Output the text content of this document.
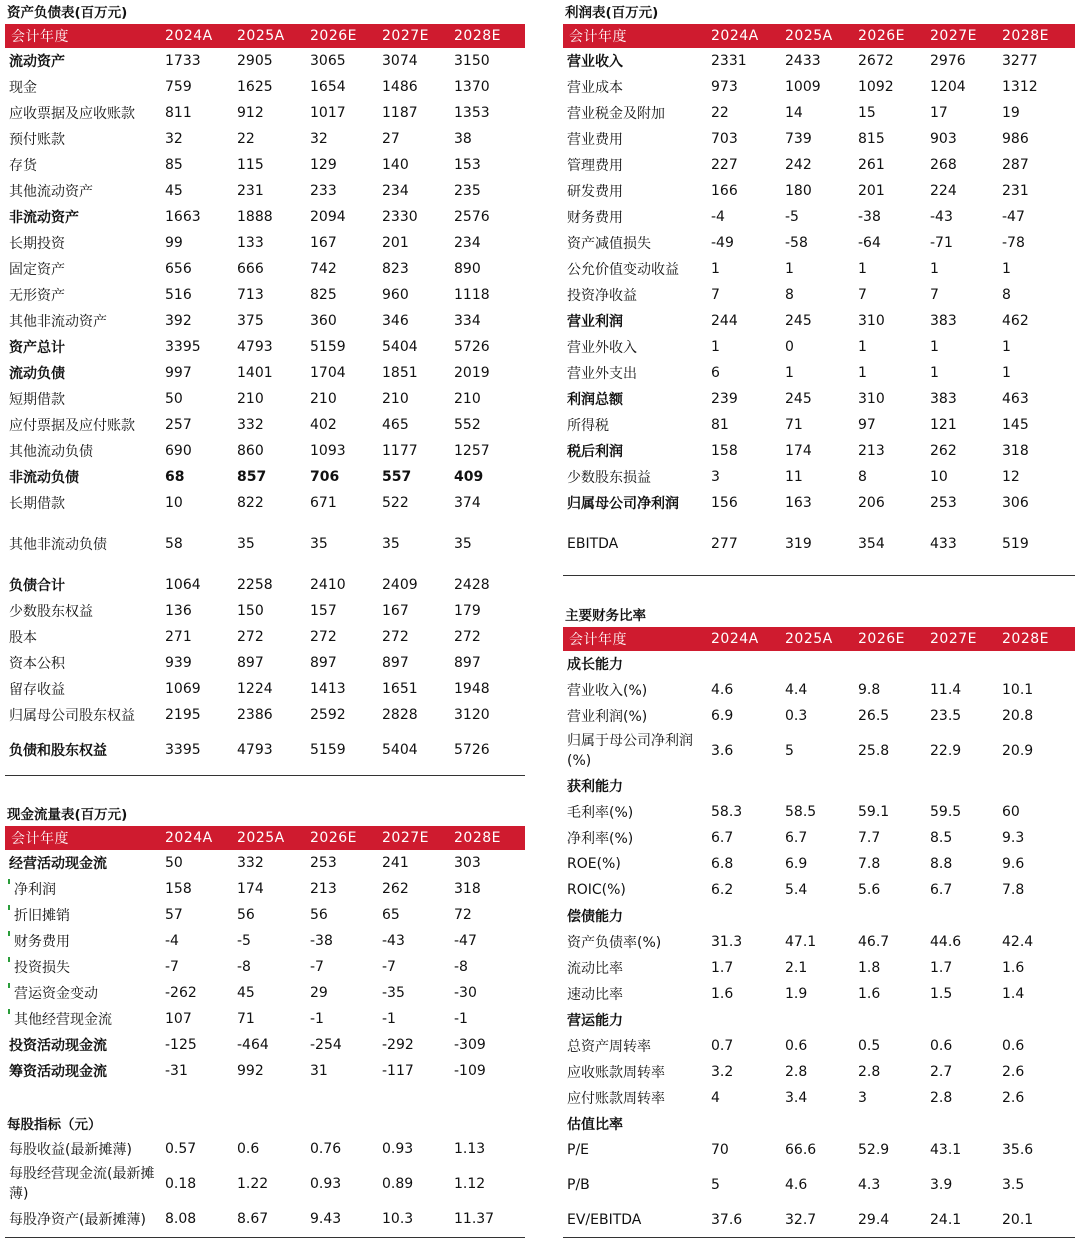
资产负债表(百万元)
会计年度	2024A	2025A	2026E	2027E	2028E
流动资产	1733	2905	3065	3074	3150
现金	759	1625	1654	1486	1370
应收票据及应收账款	811	912	1017	1187	1353
预付账款	32	22	32	27	38
存货	85	115	129	140	153
其他流动资产	45	231	233	234	235
非流动资产	1663	1888	2094	2330	2576
长期投资	99	133	167	201	234
固定资产	656	666	742	823	890
无形资产	516	713	825	960	1118
其他非流动资产	392	375	360	346	334
资产总计	3395	4793	5159	5404	5726
流动负债	997	1401	1704	1851	2019
短期借款	50	210	210	210	210
应付票据及应付账款	257	332	402	465	552
其他流动负债	690	860	1093	1177	1257
非流动负债	68	857	706	557	409
长期借款	10	822	671	522	374

其他非流动负债	58	35	35	35	35

负债合计	1064	2258	2410	2409	2428
少数股东权益	136	150	157	167	179
股本	271	272	272	272	272
资本公积	939	897	897	897	897
留存收益	1069	1224	1413	1651	1948
归属母公司股东权益	2195	2386	2592	2828	3120
负债和股东权益	3395	4793	5159	5404	5726
现金流量表(百万元)
会计年度	2024A	2025A	2026E	2027E	2028E
经营活动现金流	50	332	253	241	303
净利润	158	174	213	262	318
折旧摊销	57	56	56	65	72
财务费用	-4	-5	-38	-43	-47
投资损失	-7	-8	-7	-7	-8
营运资金变动	-262	45	29	-35	-30
其他经营现金流	107	71	-1	-1	-1
投资活动现金流	-125	-464	-254	-292	-309
筹资活动现金流	-31	992	31	-117	-109
每股指标（元）
每股收益(最新摊薄)	0.57	0.6	0.76	0.93	1.13
每股经营现金流(最新摊薄)	0.18	1.22	0.93	0.89	1.12
每股净资产(最新摊薄)	8.08	8.67	9.43	10.3	11.37
利润表(百万元)
会计年度	2024A	2025A	2026E	2027E	2028E
营业收入	2331	2433	2672	2976	3277
营业成本	973	1009	1092	1204	1312
营业税金及附加	22	14	15	17	19
营业费用	703	739	815	903	986
管理费用	227	242	261	268	287
研发费用	166	180	201	224	231
财务费用	-4	-5	-38	-43	-47
资产减值损失	-49	-58	-64	-71	-78
公允价值变动收益	1	1	1	1	1
投资净收益	7	8	7	7	8
营业利润	244	245	310	383	462
营业外收入	1	0	1	1	1
营业外支出	6	1	1	1	1
利润总额	239	245	310	383	463
所得税	81	71	97	121	145
税后利润	158	174	213	262	318
少数股东损益	3	11	8	10	12
归属母公司净利润	156	163	206	253	306

EBITDA	277	319	354	433	519
主要财务比率
会计年度	2024A	2025A	2026E	2027E	2028E
成长能力					
营业收入(%)	4.6	4.4	9.8	11.4	10.1
营业利润(%)	6.9	0.3	26.5	23.5	20.8
归属于母公司净利润(%)	3.6	5	25.8	22.9	20.9
获利能力					
毛利率(%)	58.3	58.5	59.1	59.5	60
净利率(%)	6.7	6.7	7.7	8.5	9.3
ROE(%)	6.8	6.9	7.8	8.8	9.6
ROIC(%)	6.2	5.4	5.6	6.7	7.8
偿债能力					
资产负债率(%)	31.3	47.1	46.7	44.6	42.4
流动比率	1.7	2.1	1.8	1.7	1.6
速动比率	1.6	1.9	1.6	1.5	1.4
营运能力					
总资产周转率	0.7	0.6	0.5	0.6	0.6
应收账款周转率	3.2	2.8	2.8	2.7	2.6
应付账款周转率	4	3.4	3	2.8	2.6
估值比率					
P/E	70	66.6	52.9	43.1	35.6
P/B	5	4.6	4.3	3.9	3.5
EV/EBITDA	37.6	32.7	29.4	24.1	20.1
